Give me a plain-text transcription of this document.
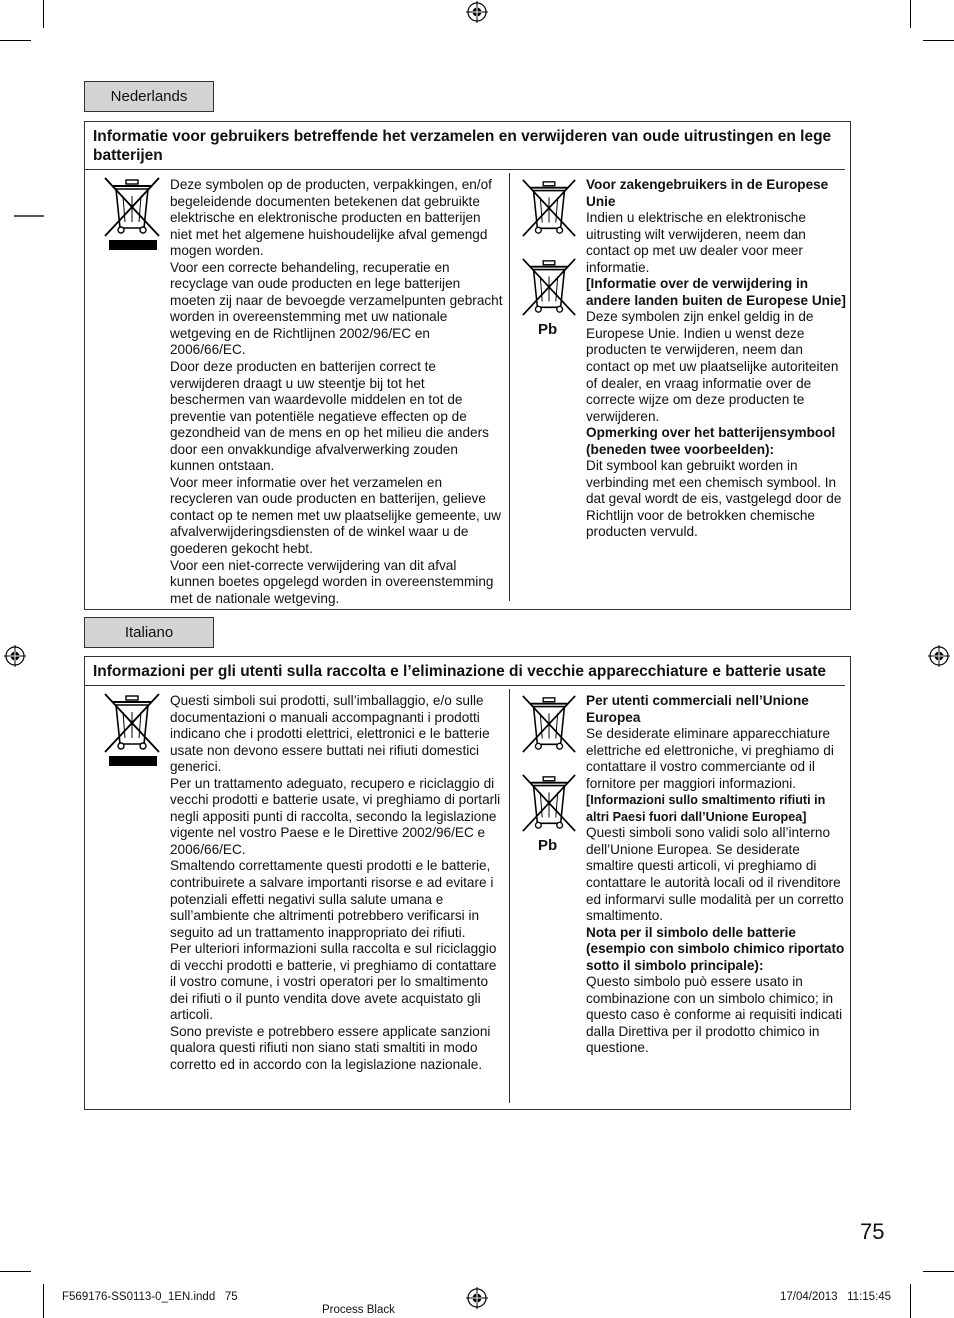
Nederlands
Informatie voor gebruikers betreffende het verzamelen en verwijderen van oude uitrustingen en lege batterijen

Deze symbolen op de producten, verpakkingen, en/of begeleidende documenten betekenen dat gebruikte elektrische en elektronische producten en batterijen niet met het algemene huishoudelijke afval gemengd mogen worden.

Voor een correcte behandeling, recuperatie en recyclage van oude producten en lege batterijen moeten zij naar de bevoegde verzamelpunten gebracht worden in overeenstemming met uw nationale wetgeving en de Richtlijnen 2002/96/EC en 2006/66/EC.

Door deze producten en batterijen correct te verwijderen draagt u uw steentje bij tot het beschermen van waardevolle middelen en tot de preventie van potentiële negatieve effecten op de gezondheid van de mens en op het milieu die anders door een onvakkundige afvalverwerking zouden kunnen ontstaan.

Voor meer informatie over het verzamelen en recycleren van oude producten en batterijen, gelieve contact op te nemen met uw plaatselijke gemeente, uw afvalverwijderingsdiensten of de winkel waar u de goederen gekocht hebt.

Voor een niet-correcte verwijdering van dit afval kunnen boetes opgelegd worden in overeenstemming met de nationale wetgeving.

Pb

Voor zakengebruikers in de Europese Unie

Indien u elektrische en elektronische uitrusting wilt verwijderen, neem dan contact op met uw dealer voor meer informatie.

[Informatie over de verwijdering in andere landen buiten de Europese Unie]

Deze symbolen zijn enkel geldig in de Europese Unie. Indien u wenst deze producten te verwijderen, neem dan contact op met uw plaatselijke autoriteiten of dealer, en vraag informatie over de correcte wijze om deze producten te verwijderen.

Opmerking over het batterijensymbool (beneden twee voorbeelden):

Dit symbool kan gebruikt worden in verbinding met een chemisch symbool. In dat geval wordt de eis, vastgelegd door de Richtlijn voor de betrokken chemische producten vervuld.

Italiano
Informazioni per gli utenti sulla raccolta e l’eliminazione di vecchie apparecchiature e batterie usate

Questi simboli sui prodotti, sull’imballaggio, e/o sulle documentazioni o manuali accompagnanti i prodotti indicano che i prodotti elettrici, elettronici e le batterie usate non devono essere buttati nei rifiuti domestici generici.

Per un trattamento adeguato, recupero e riciclaggio di vecchi prodotti e batterie usate, vi preghiamo di portarli negli appositi punti di raccolta, secondo la legislazione vigente nel vostro Paese e le Direttive 2002/96/EC e 2006/66/EC.

Smaltendo correttamente questi prodotti e le batterie, contribuirete a salvare importanti risorse e ad evitare i potenziali effetti negativi sulla salute umana e sull’ambiente che altrimenti potrebbero verificarsi in seguito ad un trattamento inappropriato dei rifiuti.

Per ulteriori informazioni sulla raccolta e sul riciclaggio di vecchi prodotti e batterie, vi preghiamo di contattare il vostro comune, i vostri operatori per lo smaltimento dei rifiuti o il punto vendita dove avete acquistato gli articoli.

Sono previste e potrebbero essere applicate sanzioni qualora questi rifiuti non siano stati smaltiti in modo corretto ed in accordo con la legislazione nazionale.

Pb

Per utenti commerciali nell’Unione Europea

Se desiderate eliminare apparecchiature elettriche ed elettroniche, vi preghiamo di contattare il vostro commerciante od il fornitore per maggiori informazioni.

[Informazioni sullo smaltimento rifiuti in altri Paesi fuori dall’Unione Europea]

Questi simboli sono validi solo all’interno dell’Unione Europea. Se desiderate smaltire questi articoli, vi preghiamo di contattare le autorità locali od il rivenditore ed informarvi sulle modalità per un corretto smaltimento.

Nota per il simbolo delle batterie (esempio con simbolo chimico riportato sotto il simbolo principale):

Questo simbolo può essere usato in combinazione con un simbolo chimico; in questo caso è conforme ai requisiti indicati dalla Direttiva per il prodotto chimico in questione.

75
F569176-SS0113-0_1EN.indd   75
Process Black
17/04/2013   11:15:45
